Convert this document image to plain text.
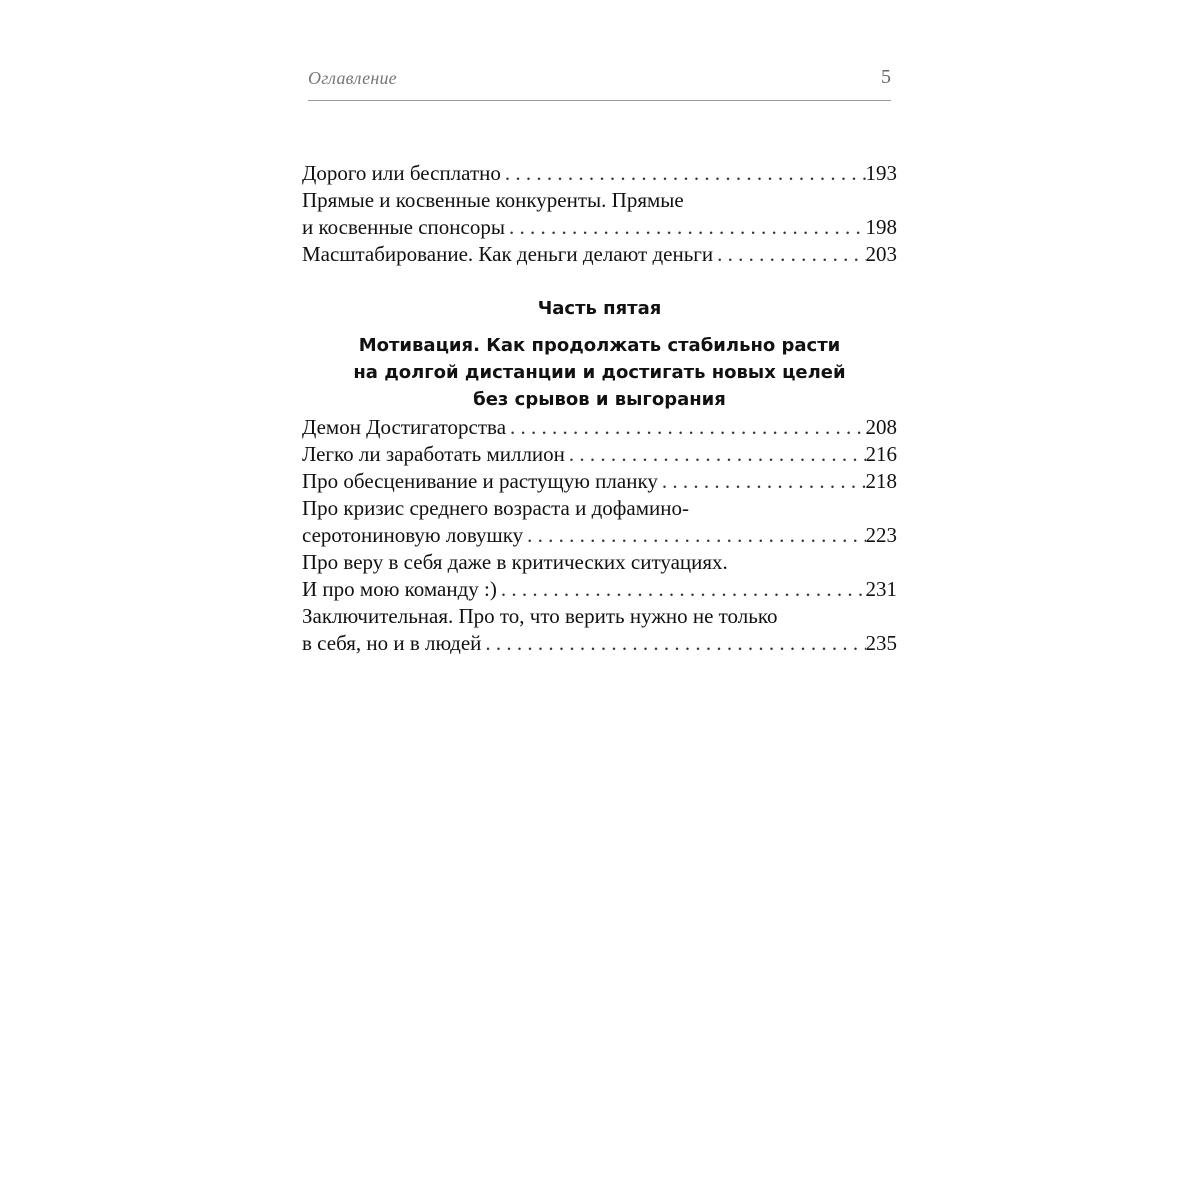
Оглавление	5
Дорого или бесплатно . . .	193
Прямые и косвенные конкуренты. Прямые
и косвенные спонсоры . . .	198
Масштабирование. Как деньги делают деньги . . .	203
Часть пятая
Мотивация. Как продолжать стабильно расти
на долгой дистанции и достигать новых целей
без срывов и выгорания
Демон Достигаторства . . .	208
Легко ли заработать миллион . . .	216
Про обесценивание и растущую планку . . .	218
Про кризис среднего возраста и дофамино-
серотониновую ловушку . . .	223
Про веру в себя даже в критических ситуациях.
И про мою команду :) . . .	231
Заключительная. Про то, что верить нужно не только
в себя, но и в людей . . .	235
